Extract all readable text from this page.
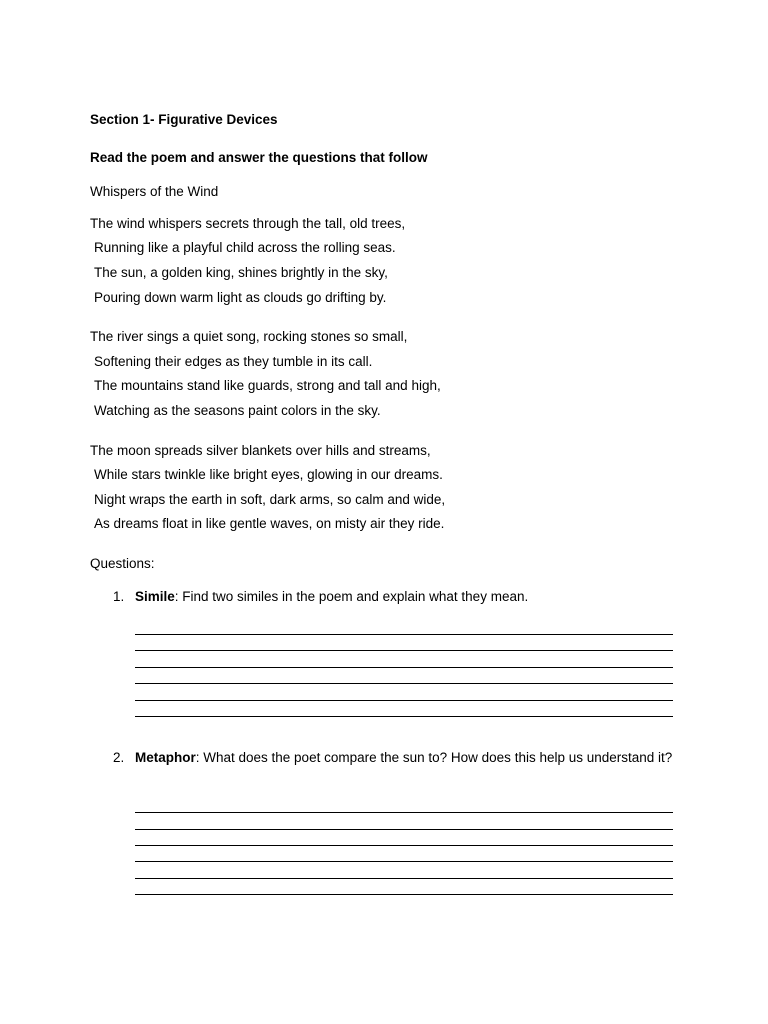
Section 1- Figurative Devices
Read the poem and answer the questions that follow
Whispers of the Wind
The wind whispers secrets through the tall, old trees,
Running like a playful child across the rolling seas.
The sun, a golden king, shines brightly in the sky,
Pouring down warm light as clouds go drifting by.
The river sings a quiet song, rocking stones so small,
Softening their edges as they tumble in its call.
The mountains stand like guards, strong and tall and high,
Watching as the seasons paint colors in the sky.
The moon spreads silver blankets over hills and streams,
While stars twinkle like bright eyes, glowing in our dreams.
Night wraps the earth in soft, dark arms, so calm and wide,
As dreams float in like gentle waves, on misty air they ride.
Questions:
1. Simile: Find two similes in the poem and explain what they mean.
2. Metaphor: What does the poet compare the sun to? How does this help us understand it?
